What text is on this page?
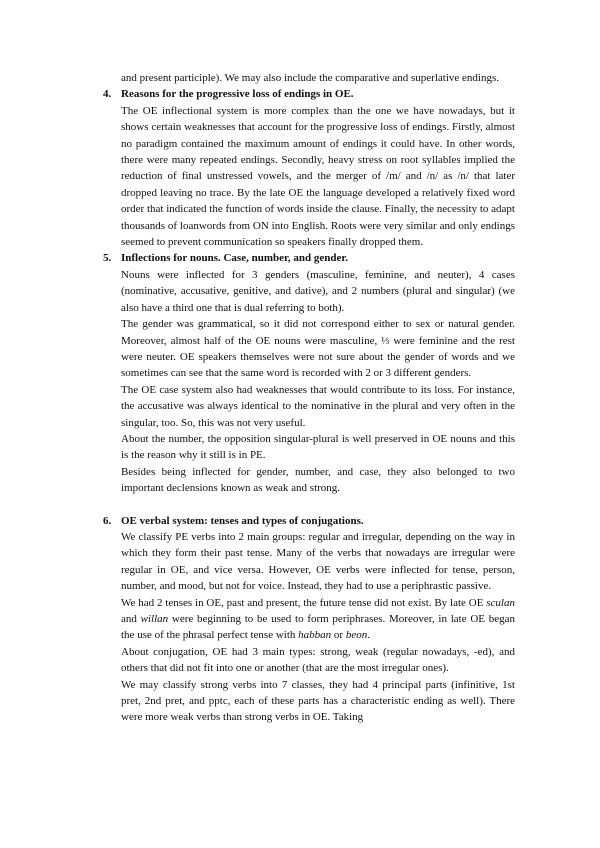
and present participle). We may also include the comparative and superlative endings.

4. Reasons for the progressive loss of endings in OE.

The OE inflectional system is more complex than the one we have nowadays, but it shows certain weaknesses that account for the progressive loss of endings. Firstly, almost no paradigm contained the maximum amount of endings it could have. In other words, there were many repeated endings. Secondly, heavy stress on root syllables implied the reduction of final unstressed vowels, and the merger of /m/ and /n/ as /n/ that later dropped leaving no trace. By the late OE the language developed a relatively fixed word order that indicated the function of words inside the clause. Finally, the necessity to adapt thousands of loanwords from ON into English. Roots were very similar and only endings seemed to prevent communication so speakers finally dropped them.

5. Inflections for nouns. Case, number, and gender.

Nouns were inflected for 3 genders (masculine, feminine, and neuter), 4 cases (nominative, accusative, genitive, and dative), and 2 numbers (plural and singular) (we also have a third one that is dual referring to both).

The gender was grammatical, so it did not correspond either to sex or natural gender. Moreover, almost half of the OE nouns were masculine, ⅓ were feminine and the rest were neuter. OE speakers themselves were not sure about the gender of words and we sometimes can see that the same word is recorded with 2 or 3 different genders.

The OE case system also had weaknesses that would contribute to its loss. For instance, the accusative was always identical to the nominative in the plural and very often in the singular, too. So, this was not very useful.

About the number, the opposition singular-plural is well preserved in OE nouns and this is the reason why it still is in PE.

Besides being inflected for gender, number, and case, they also belonged to two important declensions known as weak and strong.

6. OE verbal system: tenses and types of conjugations.

We classify PE verbs into 2 main groups: regular and irregular, depending on the way in which they form their past tense. Many of the verbs that nowadays are irregular were regular in OE, and vice versa. However, OE verbs were inflected for tense, person, number, and mood, but not for voice. Instead, they had to use a periphrastic passive.

We had 2 tenses in OE, past and present, the future tense did not exist. By late OE sculan and willan were beginning to be used to form periphrases. Moreover, in late OE began the use of the phrasal perfect tense with habban or beon.

About conjugation, OE had 3 main types: strong, weak (regular nowadays, -ed), and others that did not fit into one or another (that are the most irregular ones).

We may classify strong verbs into 7 classes, they had 4 principal parts (infinitive, 1st pret, 2nd pret, and pptc, each of these parts has a characteristic ending as well). There were more weak verbs than strong verbs in OE. Taking
